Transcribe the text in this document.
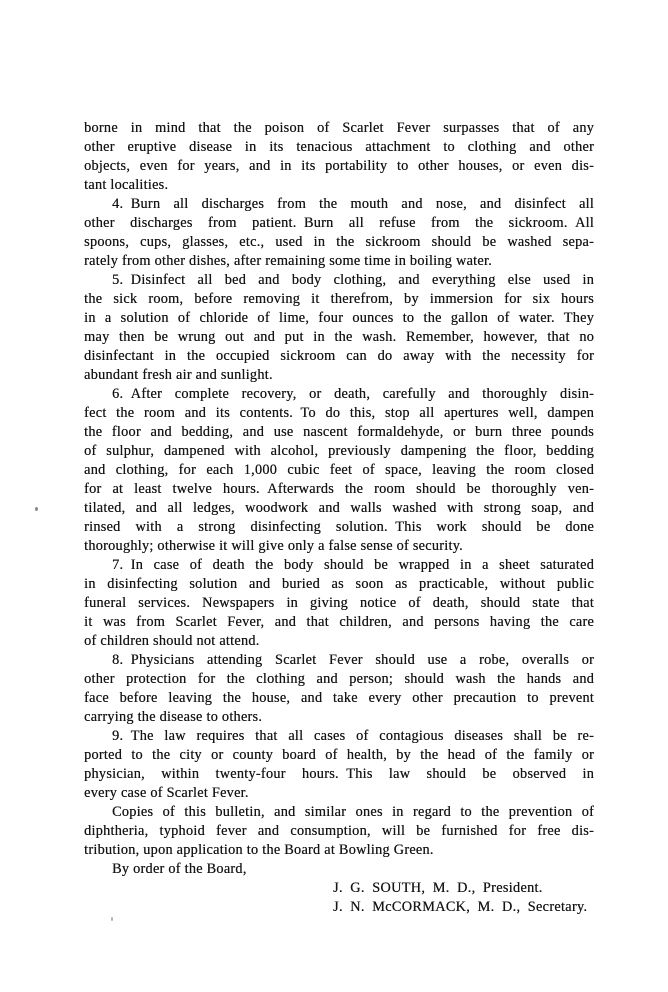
borne in mind that the poison of Scarlet Fever surpasses that of any
other eruptive disease in its tenacious attachment to clothing and other
objects, even for years, and in its portability to other houses, or even dis-
tant localities.
4. Burn all discharges from the mouth and nose, and disinfect all
other discharges from patient. Burn all refuse from the sickroom. All
spoons, cups, glasses, etc., used in the sickroom should be washed sepa-
rately from other dishes, after remaining some time in boiling water.
5. Disinfect all bed and body clothing, and everything else used in
the sick room, before removing it therefrom, by immersion for six hours
in a solution of chloride of lime, four ounces to the gallon of water. They
may then be wrung out and put in the wash. Remember, however, that no
disinfectant in the occupied sickroom can do away with the necessity for
abundant fresh air and sunlight.
6. After complete recovery, or death, carefully and thoroughly disin-
fect the room and its contents. To do this, stop all apertures well, dampen
the floor and bedding, and use nascent formaldehyde, or burn three pounds
of sulphur, dampened with alcohol, previously dampening the floor, bedding
and clothing, for each 1,000 cubic feet of space, leaving the room closed
for at least twelve hours. Afterwards the room should be thoroughly ven-
tilated, and all ledges, woodwork and walls washed with strong soap, and
rinsed with a strong disinfecting solution. This work should be done
thoroughly; otherwise it will give only a false sense of security.
7. In case of death the body should be wrapped in a sheet saturated
in disinfecting solution and buried as soon as practicable, without public
funeral services. Newspapers in giving notice of death, should state that
it was from Scarlet Fever, and that children, and persons having the care
of children should not attend.
8. Physicians attending Scarlet Fever should use a robe, overalls or
other protection for the clothing and person; should wash the hands and
face before leaving the house, and take every other precaution to prevent
carrying the disease to others.
9. The law requires that all cases of contagious diseases shall be re-
ported to the city or county board of health, by the head of the family or
physician, within twenty-four hours. This law should be observed in
every case of Scarlet Fever.
Copies of this bulletin, and similar ones in regard to the prevention of
diphtheria, typhoid fever and consumption, will be furnished for free dis-
tribution, upon application to the Board at Bowling Green.
By order of the Board,
J. G. SOUTH, M. D., President.
J. N. McCORMACK, M. D., Secretary.
